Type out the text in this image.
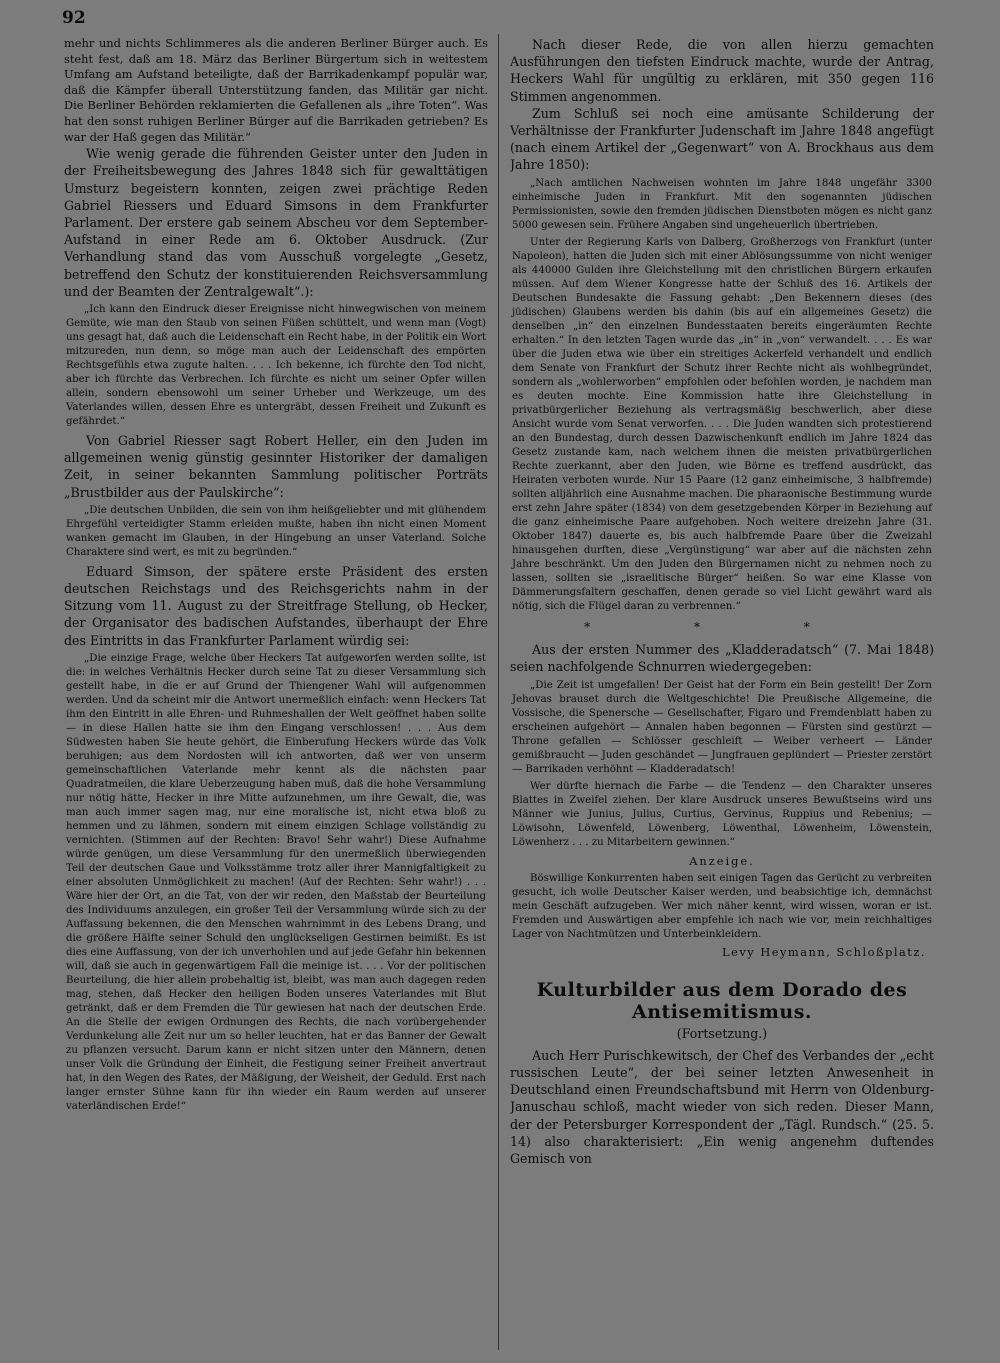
92

mehr und nichts Schlimmeres als die anderen Berliner Bürger auch. Es steht fest, daß am 18. März das Berliner Bürgertum sich in weitestem Umfang am Aufstand beteiligte, daß der Barrikadenkampf populär war, daß die Kämpfer überall Unterstützung fanden, das Militär gar nicht. Die Berliner Behörden reklamierten die Gefallenen als „ihre Toten“. Was hat den sonst ruhigen Berliner Bürger auf die Barrikaden getrieben? Es war der Haß gegen das Militär.“

Wie wenig gerade die führenden Geister unter den Juden in der Freiheitsbewegung des Jahres 1848 sich für gewalttätigen Umsturz begeistern konnten, zeigen zwei prächtige Reden Gabriel Riessers und Eduard Simsons in dem Frankfurter Parlament. Der erstere gab seinem Abscheu vor dem September-Aufstand in einer Rede am 6. Oktober Ausdruck. (Zur Verhandlung stand das vom Ausschuß vorgelegte „Gesetz, betreffend den Schutz der konstituierenden Reichsversammlung und der Beamten der Zentralgewalt“.):

„Ich kann den Eindruck dieser Ereignisse nicht hinwegwischen von meinem Gemüte, wie man den Staub von seinen Füßen schüttelt, und wenn man (Vogt) uns gesagt hat, daß auch die Leidenschaft ein Recht habe, in der Politik ein Wort mitzureden, nun denn, so möge man auch der Leidenschaft des empörten Rechtsgefühls etwa zugute halten. . . . Ich bekenne, ich fürchte den Tod nicht, aber ich fürchte das Verbrechen. Ich fürchte es nicht um seiner Opfer willen allein, sondern ebensowohl um seiner Urheber und Werkzeuge, um des Vaterlandes willen, dessen Ehre es untergräbt, dessen Freiheit und Zukunft es gefährdet.“

Von Gabriel Riesser sagt Robert Heller, ein den Juden im allgemeinen wenig günstig gesinnter Historiker der damaligen Zeit, in seiner bekannten Sammlung politischer Porträts „Brustbilder aus der Paulskirche“:

„Die deutschen Unbilden, die sein von ihm heißgeliebter und mit glühendem Ehrgefühl verteidigter Stamm erleiden mußte, haben ihn nicht einen Moment wanken gemacht im Glauben, in der Hingebung an unser Vaterland. Solche Charaktere sind wert, es mit zu begründen.“

Eduard Simson, der spätere erste Präsident des ersten deutschen Reichstags und des Reichsgerichts nahm in der Sitzung vom 11. August zu der Streitfrage Stellung, ob Hecker, der Organisator des badischen Aufstandes, überhaupt der Ehre des Eintritts in das Frankfurter Parlament würdig sei:

„Die einzige Frage, welche über Heckers Tat aufgeworfen werden sollte, ist die: in welches Verhältnis Hecker durch seine Tat zu dieser Versammlung sich gestellt habe, in die er auf Grund der Thiengener Wahl will aufgenommen werden. Und da scheint mir die Antwort unermeßlich einfach: wenn Heckers Tat ihm den Eintritt in alle Ehren- und Ruhmeshallen der Welt geöffnet haben sollte — in diese Hallen hatte sie ihm den Eingang verschlossen! . . . Aus dem Südwesten haben Sie heute gehört, die Einberufung Heckers würde das Volk beruhigen; aus dem Nordosten will ich antworten, daß wer von unserm gemeinschaftlichen Vaterlande mehr kennt als die nächsten paar Quadratmeilen, die klare Ueberzeugung haben muß, daß die hohe Versammlung nur nötig hätte, Hecker in ihre Mitte aufzunehmen, um ihre Gewalt, die, was man auch immer sagen mag, nur eine moralische ist, nicht etwa bloß zu hemmen und zu lähmen, sondern mit einem einzigen Schlage vollständig zu vernichten. (Stimmen auf der Rechten: Bravo! Sehr wahr!) Diese Aufnahme würde genügen, um diese Versammlung für den unermeßlich überwiegenden Teil der deutschen Gaue und Volksstämme trotz aller ihrer Mannigfaltigkeit zu einer absoluten Unmöglichkeit zu machen! (Auf der Rechten: Sehr wahr!) . . . Wäre hier der Ort, an die Tat, von der wir reden, den Maßstab der Beurteilung des Individuums anzulegen, ein großer Teil der Versammlung würde sich zu der Auffassung bekennen, die den Menschen wahrnimmt in des Lebens Drang, und die größere Hälfte seiner Schuld den unglückseligen Gestirnen beimißt. Es ist dies eine Auffassung, von der ich unverhohlen und auf jede Gefahr hin bekennen will, daß sie auch in gegenwärtigem Fall die meinige ist. . . . Vor der politischen Beurteilung, die hier allein probehaltig ist, bleibt, was man auch dagegen reden mag, stehen, daß Hecker den heiligen Boden unseres Vaterlandes mit Blut getränkt, daß er dem Fremden die Tür gewiesen hat nach der deutschen Erde. An die Stelle der ewigen Ordnungen des Rechts, die nach vorübergehender Verdunkelung alle Zeit nur um so heller leuchten, hat er das Banner der Gewalt zu pflanzen versucht. Darum kann er nicht sitzen unter den Männern, denen unser Volk die Gründung der Einheit, die Festigung seiner Freiheit anvertraut hat, in den Wegen des Rates, der Mäßigung, der Weisheit, der Geduld. Erst nach langer ernster Sühne kann für ihn wieder ein Raum werden auf unserer vaterländischen Erde!“

Nach dieser Rede, die von allen hierzu gemachten Ausführungen den tiefsten Eindruck machte, wurde der Antrag, Heckers Wahl für ungültig zu erklären, mit 350 gegen 116 Stimmen angenommen.

Zum Schluß sei noch eine amüsante Schilderung der Verhältnisse der Frankfurter Judenschaft im Jahre 1848 angefügt (nach einem Artikel der „Gegenwart“ von A. Brockhaus aus dem Jahre 1850):

„Nach amtlichen Nachweisen wohnten im Jahre 1848 ungefähr 3300 einheimische Juden in Frankfurt. Mit den sogenannten jüdischen Permissionisten, sowie den fremden jüdischen Dienstboten mögen es nicht ganz 5000 gewesen sein. Frühere Angaben sind ungeheuerlich übertrieben.

Unter der Regierung Karls von Dalberg, Großherzogs von Frankfurt (unter Napoleon), hatten die Juden sich mit einer Ablösungssumme von nicht weniger als 440000 Gulden ihre Gleichstellung mit den christlichen Bürgern erkaufen müssen. Auf dem Wiener Kongresse hatte der Schluß des 16. Artikels der Deutschen Bundesakte die Fassung gehabt: „Den Bekennern dieses (des jüdischen) Glaubens werden bis dahin (bis auf ein allgemeines Gesetz) die denselben „in“ den einzelnen Bundesstaaten bereits eingeräumten Rechte erhalten.“ In den letzten Tagen wurde das „in“ in „von“ verwandelt. . . . Es war über die Juden etwa wie über ein streitiges Ackerfeld verhandelt und endlich dem Senate von Frankfurt der Schutz ihrer Rechte nicht als wohlbegründet, sondern als „wohlerworben“ empfohlen oder befohlen worden, je nachdem man es deuten mochte. Eine Kommission hatte ihre Gleichstellung in privatbürgerlicher Beziehung als vertragsmäßig beschwerlich, aber diese Ansicht wurde vom Senat verworfen. . . . Die Juden wandten sich protestierend an den Bundestag, durch dessen Dazwischenkunft endlich im Jahre 1824 das Gesetz zustande kam, nach welchem ihnen die meisten privatbürgerlichen Rechte zuerkannt, aber den Juden, wie Börne es treffend ausdrückt, das Heiraten verboten wurde. Nur 15 Paare (12 ganz einheimische, 3 halbfremde) sollten alljährlich eine Ausnahme machen. Die pharaonische Bestimmung wurde erst zehn Jahre später (1834) von dem gesetzgebenden Körper in Beziehung auf die ganz einheimische Paare aufgehoben. Noch weitere dreizehn Jahre (31. Oktober 1847) dauerte es, bis auch halbfremde Paare über die Zweizahl hinausgehen durften, diese „Vergünstigung“ war aber auf die nächsten zehn Jahre beschränkt. Um den Juden den Bürgernamen nicht zu nehmen noch zu lassen, sollten sie „israelitische Bürger“ heißen. So war eine Klasse von Dämmerungsfaltern geschaffen, denen gerade so viel Licht gewährt ward als nötig, sich die Flügel daran zu verbrennen.“

* * *

Aus der ersten Nummer des „Kladderadatsch“ (7. Mai 1848) seien nachfolgende Schnurren wiedergegeben:

„Die Zeit ist umgefallen! Der Geist hat der Form ein Bein gestellt! Der Zorn Jehovas brauset durch die Weltgeschichte! Die Preußische Allgemeine, die Vossische, die Spenersche — Gesellschafter, Figaro und Fremdenblatt haben zu erscheinen aufgehört — Annalen haben begonnen — Fürsten sind gestürzt — Throne gefallen — Schlösser geschleift — Weiber verheert — Länder gemißbraucht — Juden geschändet — Jungfrauen geplündert — Priester zerstört — Barrikaden verhöhnt — Kladderadatsch!

Wer dürfte hiernach die Farbe — die Tendenz — den Charakter unseres Blattes in Zweifel ziehen. Der klare Ausdruck unseres Bewußtseins wird uns Männer wie Junius, Julius, Curtius, Gervinus, Ruppius und Rebenius; — Löwisohn, Löwenfeld, Löwenberg, Löwenthal, Löwenheim, Löwenstein, Löwenherz . . . zu Mitarbeitern gewinnen.“

Anzeige.

Böswillige Konkurrenten haben seit einigen Tagen das Gerücht zu verbreiten gesucht, ich wolle Deutscher Kaiser werden, und beabsichtige ich, demnächst mein Geschäft aufzugeben. Wer mich näher kennt, wird wissen, woran er ist. Fremden und Auswärtigen aber empfehle ich nach wie vor, mein reichhaltiges Lager von Nachtmützen und Unterbeinkleidern.

Levy Heymann, Schloßplatz.
Kulturbilder aus dem Dorado des Antisemitismus.
(Fortsetzung.)

Auch Herr Purischkewitsch, der Chef des Verbandes der „echt russischen Leute“, der bei seiner letzten Anwesenheit in Deutschland einen Freundschaftsbund mit Herrn von Oldenburg-Januschau schloß, macht wieder von sich reden. Dieser Mann, der der Petersburger Korrespondent der „Tägl. Rundsch.“ (25. 5. 14) also charakterisiert: „Ein wenig angenehm duftendes Gemisch von
